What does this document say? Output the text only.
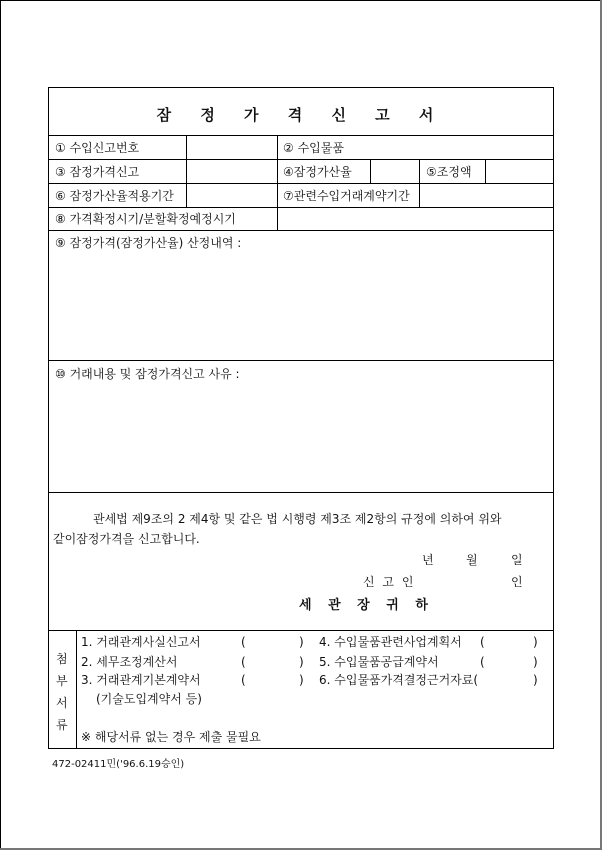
잠 정 가 격 신 고 서
① 수입신고번호	② 수입물품
③ 잠정가격신고	④잠정가산율	⑤조정액
⑥ 잠정가산율적용기간	⑦관련수입거래계약기간
⑧ 가격확정시기/분할확정예정시기
⑨ 잠정가격(잠정가산율) 산정내역 :
⑩ 거래내용 및 잠정가격신고 사유 :
관세법 제9조의 2 제4항 및 같은 법 시행령 제3조 제2항의 규정에 의하여 위와
같이잠정가격을 신고합니다.
년	월	일
신 고 인	인
세 관 장 귀 하
첨
부
서
류
1. 거래관계사실신고서	(	)
2. 세무조정계산서	(	)
3. 거래관계기본계약서	(	)
(기술도입계약서 등)
4. 수입물품관련사업계획서 (	)
5. 수입물품공급계약서	(	)
6. 수입물품가격결정근거자료(	)
※ 해당서류 없는 경우 제출 물필요
472-02411민('96.6.19승인)
